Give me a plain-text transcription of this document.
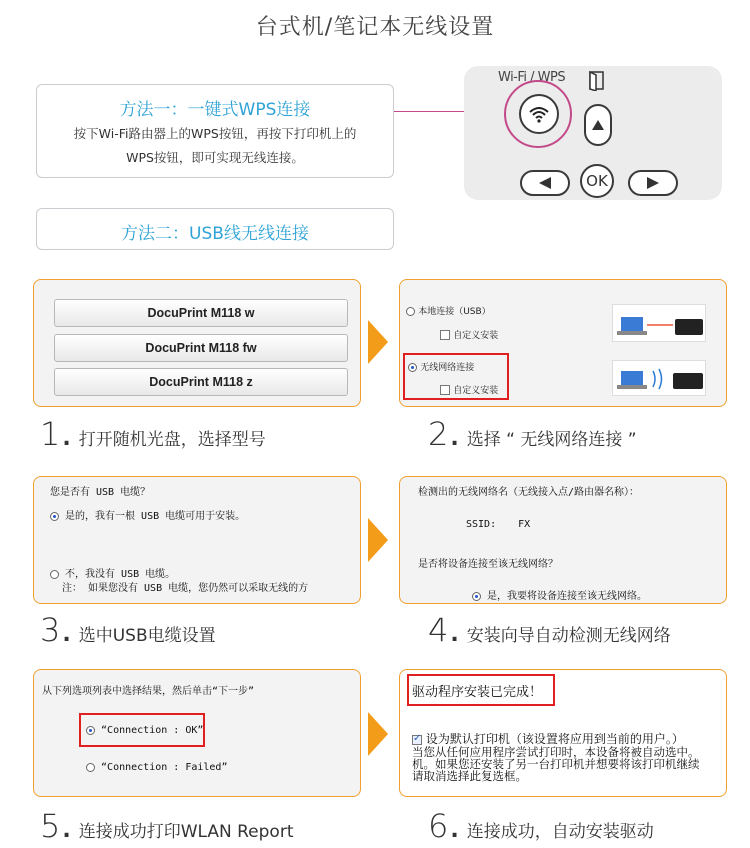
台式机/笔记本无线设置
方法一：一键式WPS连接
按下Wi-Fi路由器上的WPS按钮，再按下打印机上的
WPS按钮，即可实现无线连接。
方法二：USB线无线连接
Wi-Fi / WPS
OK
DocuPrint M118 w
DocuPrint M118 fw
DocuPrint M118 z
1 . 打开随机光盘，选择型号
本地连接（USB）
自定义安装
无线网络连接
自定义安装
2 . 选择 “ 无线网络连接 ”
您是否有 USB 电缆？
是的，我有一根 USB 电缆可用于安装。
不，我没有 USB 电缆。
注： 如果您没有 USB 电缆，您仍然可以采取无线的方
3 . 选中USB电缆设置
检测出的无线网络名（无线接入点/路由器名称）：
SSID: FX
是否将设备连接至该无线网络？
是，我要将设备连接至该无线网络。
4 . 安装向导自动检测无线网络
从下列选项列表中选择结果，然后单击“下一步”
“Connection : OK”
“Connection : Failed”
5 . 连接成功打印WLAN Report
驱动程序安装已完成！
✓ 设为默认打印机（该设置将应用到当前的用户。）
当您从任何应用程序尝试打印时，本设备将被自动选中。
机。如果您还安装了另一台打印机并想要将该打印机继续
请取消选择此复选框。
6 . 连接成功，自动安装驱动
